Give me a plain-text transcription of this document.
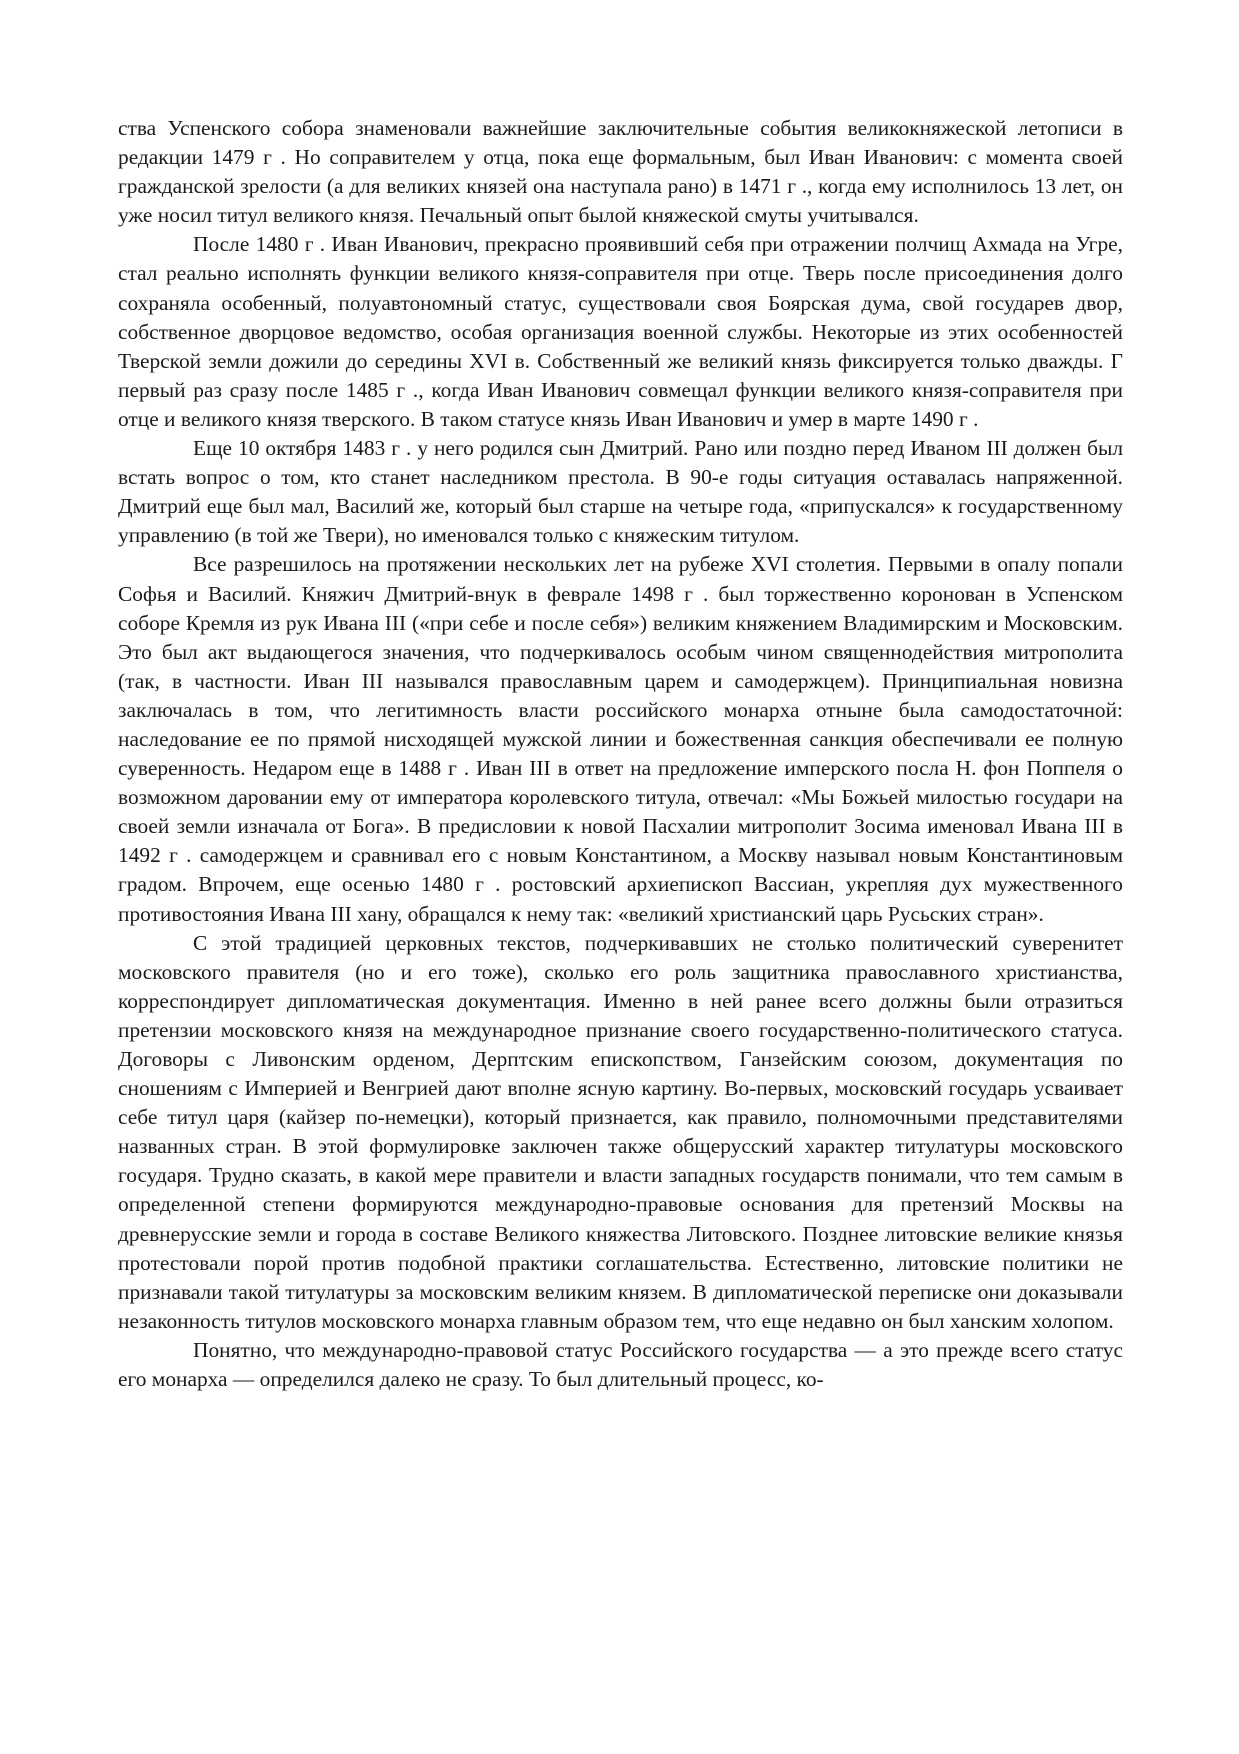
ства Успенского собора знаменовали важнейшие заключительные события великокняжеской летописи в редакции 1479 г . Но соправителем у отца, пока еще формальным, был Иван Иванович: с момента своей гражданской зрелости (а для великих князей она наступала рано) в 1471 г ., когда ему исполнилось 13 лет, он уже носил титул великого князя. Печальный опыт былой княжеской смуты учитывался.

После 1480 г . Иван Иванович, прекрасно проявивший себя при отражении полчищ Ахмада на Угре, стал реально исполнять функции великого князя-соправителя при отце. Тверь после присоединения долго сохраняла особенный, полуавтономный статус, существовали своя Боярская дума, свой государев двор, собственное дворцовое ведомство, особая организация военной службы. Некоторые из этих особенностей Тверской земли дожили до середины XVI в. Собственный же великий князь фиксируется только дважды. Г первый раз сразу после 1485 г ., когда Иван Иванович совмещал функции великого князя-соправителя при отце и великого князя тверского. В таком статусе князь Иван Иванович и умер в марте 1490 г .

Еще 10 октября 1483 г . у него родился сын Дмитрий. Рано или поздно перед Иваном III должен был встать вопрос о том, кто станет наследником престола. В 90-е годы ситуация оставалась напряженной. Дмитрий еще был мал, Василий же, который был старше на четыре года, «припускался» к государственному управлению (в той же Твери), но именовался только с княжеским титулом.

Все разрешилось на протяжении нескольких лет на рубеже XVI столетия. Первыми в опалу попали Софья и Василий. Княжич Дмитрий-внук в феврале 1498 г . был торжественно коронован в Успенском соборе Кремля из рук Ивана III («при себе и после себя») великим княжением Владимирским и Московским. Это был акт выдающегося значения, что подчеркивалось особым чином священнодействия митрополита (так, в частности. Иван III назывался православным царем и самодержцем). Принципиальная новизна заключалась в том, что легитимность власти российского монарха отныне была самодостаточной: наследование ее по прямой нисходящей мужской линии и божественная санкция обеспечивали ее полную суверенность. Недаром еще в 1488 г . Иван III в ответ на предложение имперского посла Н. фон Поппеля о возможном даровании ему от императора королевского титула, отвечал: «Мы Божьей милостью государи на своей земли изначала от Бога». В предисловии к новой Пасхалии митрополит Зосима именовал Ивана III в 1492 г . самодержцем и сравнивал его с новым Константином, а Москву называл новым Константиновым градом. Впрочем, еще осенью 1480 г . ростовский архиепископ Вассиан, укрепляя дух мужественного противостояния Ивана III хану, обращался к нему так: «великий христианский царь Русьских стран».

С этой традицией церковных текстов, подчеркивавших не столько политический суверенитет московского правителя (но и его тоже), сколько его роль защитника православного христианства, корреспондирует дипломатическая документация. Именно в ней ранее всего должны были отразиться претензии московского князя на международное признание своего государственно-политического статуса. Договоры с Ливонским орденом, Дерптским епископством, Ганзейским союзом, документация по сношениям с Империей и Венгрией дают вполне ясную картину. Во-первых, московский государь усваивает себе титул царя (кайзер по-немецки), который признается, как правило, полномочными представителями названных стран. В этой формулировке заключен также общерусский характер титулатуры московского государя. Трудно сказать, в какой мере правители и власти западных государств понимали, что тем самым в определенной степени формируются международно-правовые основания для претензий Москвы на древнерусские земли и города в составе Великого княжества Литовского. Позднее литовские великие князья протестовали порой против подобной практики соглашательства. Естественно, литовские политики не признавали такой титулатуры за московским великим князем. В дипломатической переписке они доказывали незаконность титулов московского монарха главным образом тем, что еще недавно он был ханским холопом.

Понятно, что международно-правовой статус Российского государства — а это прежде всего статус его монарха — определился далеко не сразу. То был длительный процесс, ко-
